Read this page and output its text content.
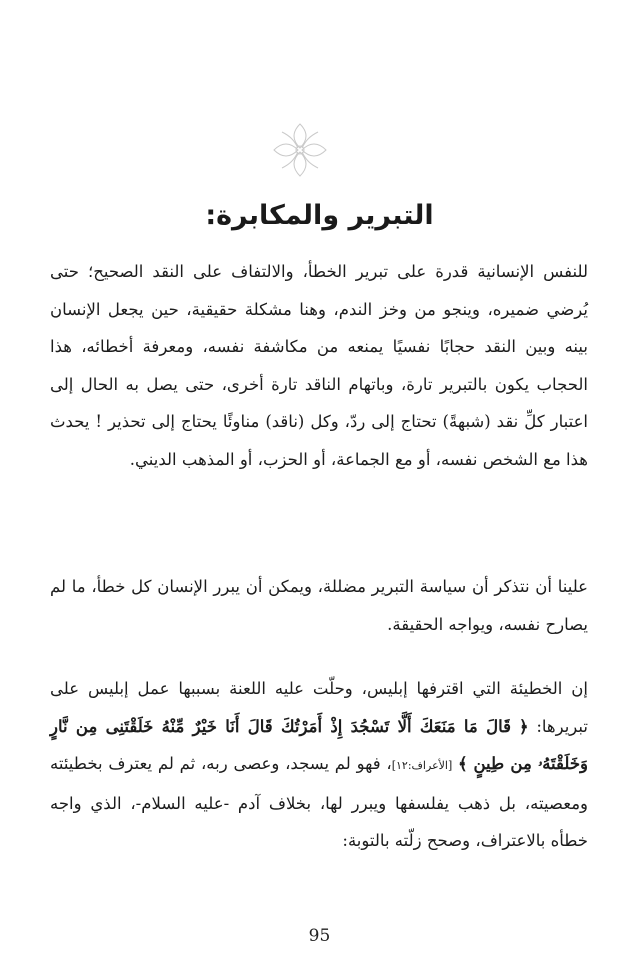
التبرير والمكابرة:

للنفس الإنسانية قدرة على تبرير الخطأ، والالتفاف على النقد الصحيح؛ حتى يُرضي ضميره، وينجو من وخز الندم، وهنا مشكلة حقيقية، حين يجعل الإنسان بينه وبين النقد حجابًا نفسيًا يمنعه من مكاشفة نفسه، ومعرفة أخطائه، هذا الحجاب يكون بالتبرير تارة، وباتهام الناقد تارة أخرى، حتى يصل به الحال إلى اعتبار كلِّ نقد (شبهةً) تحتاج إلى ردّ، وكل (ناقد) مناوئًا يحتاج إلى تحذير ! يحدث هذا مع الشخص نفسه، أو مع الجماعة، أو الحزب، أو المذهب الديني.

علينا أن نتذكر أن سياسة التبرير مضللة، ويمكن أن يبرر الإنسان كل خطأ، ما لم يصارح نفسه، ويواجه الحقيقة.

إن الخطيئة التي اقترفها إبليس، وحلّت عليه اللعنة بسببها عمل إبليس على تبريرها: ﴿ قَالَ مَا مَنَعَكَ أَلَّا تَسْجُدَ إِذْ أَمَرْتُكَ قَالَ أَنَا خَيْرٌ مِّنْهُ خَلَقْتَنِى مِن نَّارٍ وَخَلَقْتَهُۥ مِن طِينٍ ﴾ [الأعراف:١٢]، فهو لم يسجد، وعصى ربه، ثم لم يعترف بخطيئته ومعصيته، بل ذهب يفلسفها ويبرر لها، بخلاف آدم -عليه السلام-، الذي واجه خطأه بالاعتراف، وصحح زلّته بالتوبة:

95
